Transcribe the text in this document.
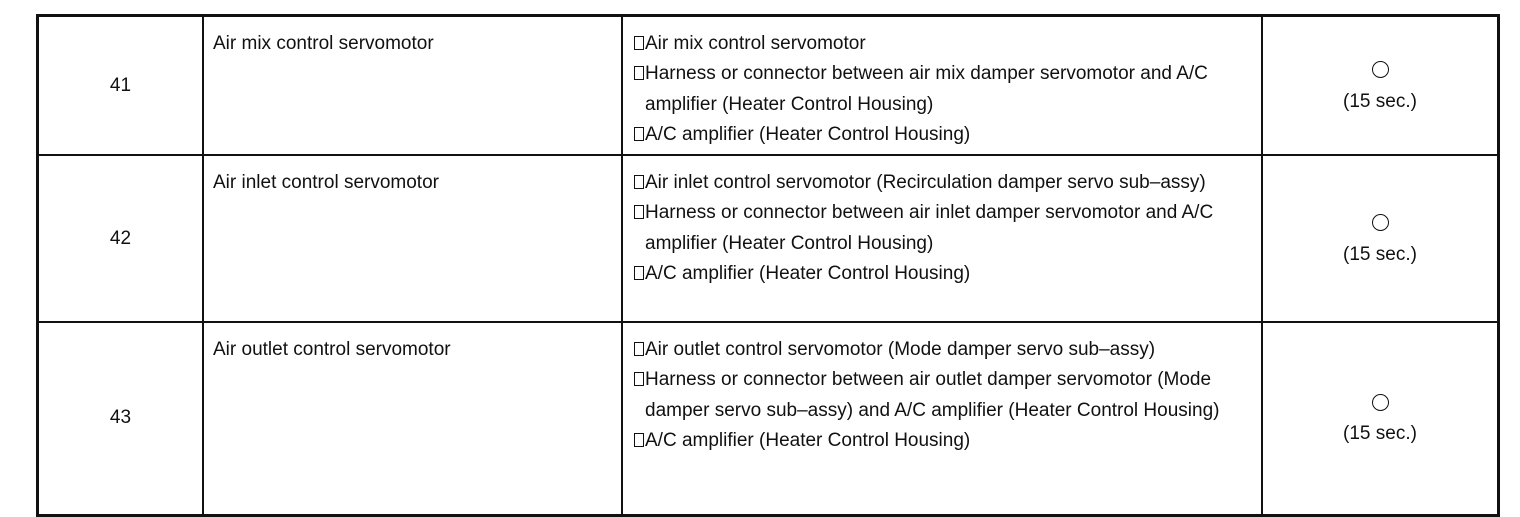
41	Air mix control servomotor	Air mix control servomotor
Harness or connector between air mix damper servomotor and A/C amplifier (Heater Control Housing)
A/C amplifier (Heater Control Housing)	(15 sec.)

42	Air inlet control servomotor	Air inlet control servomotor (Recirculation damper servo sub–assy)
Harness or connector between air inlet damper servomotor and A/C amplifier (Heater Control Housing)
A/C amplifier (Heater Control Housing)	(15 sec.)

43	Air outlet control servomotor	Air outlet control servomotor (Mode damper servo sub–assy)
Harness or connector between air outlet damper servomotor (Mode damper servo sub–assy) and A/C amplifier (Heater Control Housing)
A/C amplifier (Heater Control Housing)	(15 sec.)
